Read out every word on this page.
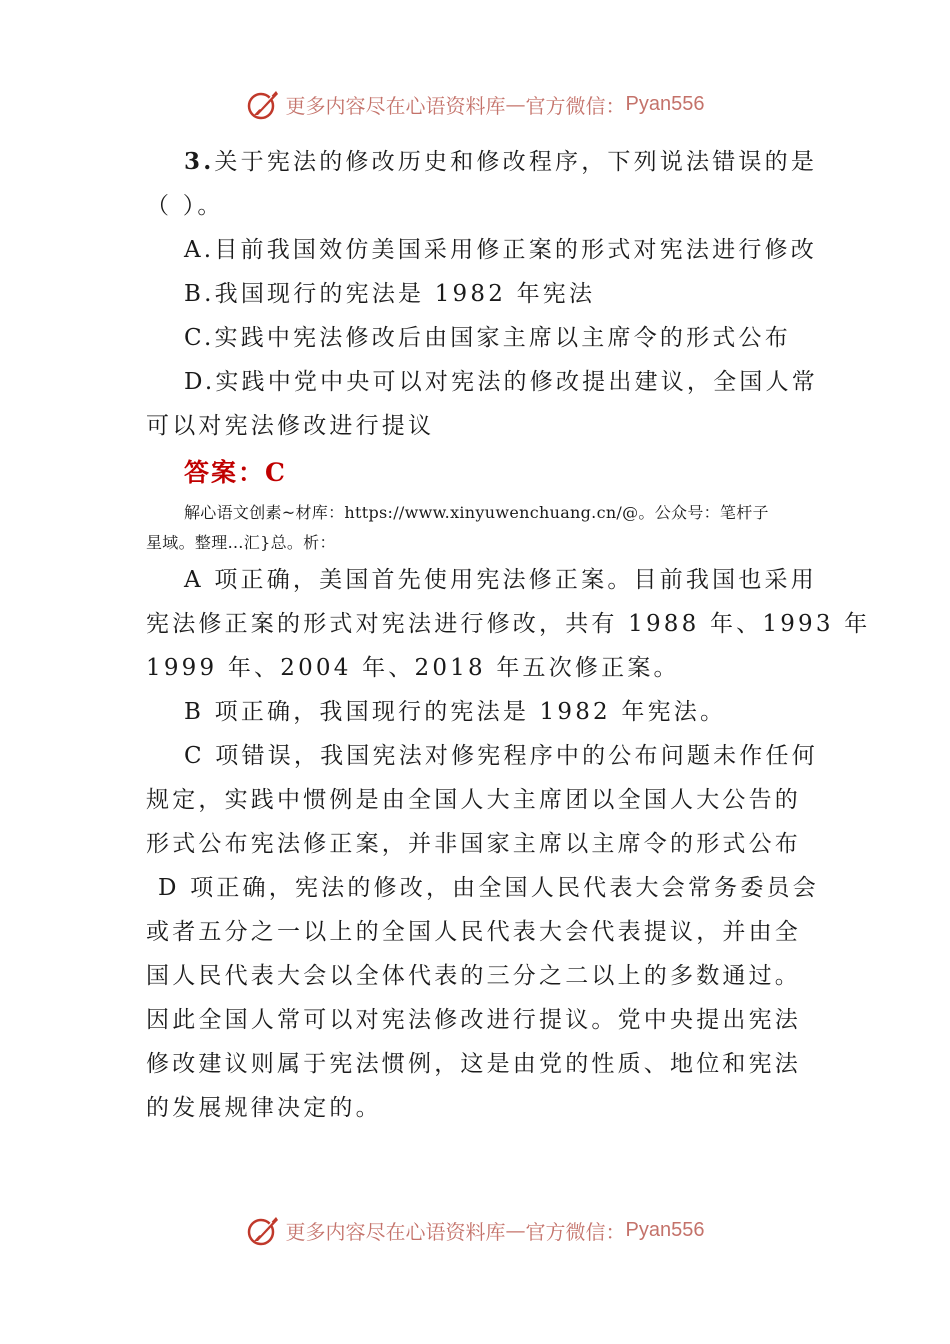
更多内容尽在心语资料库 — 官方微信： Pyan556
3.关于宪法的修改历史和修改程序，下列说法错误的是
（ ）。
A.目前我国效仿美国采用修正案的形式对宪法进行修改
B.我国现行的宪法是 1982 年宪法
C.实践中宪法修改后由国家主席以主席令的形式公布
D.实践中党中央可以对宪法的修改提出建议，全国人常
可以对宪法修改进行提议
答案：C
解心语文创素~材库：https://www.xinyuwenchuang.cn/@。公众号：笔杆子
星域。整理…汇}总。析：
A 项正确，美国首先使用宪法修正案。目前我国也采用
宪法修正案的形式对宪法进行修改，共有 1988 年、1993 年
1999 年、2004 年、2018 年五次修正案。
B 项正确，我国现行的宪法是 1982 年宪法。
C 项错误，我国宪法对修宪程序中的公布问题未作任何
规定，实践中惯例是由全国人大主席团以全国人大公告的
形式公布宪法修正案，并非国家主席以主席令的形式公布
D 项正确，宪法的修改，由全国人民代表大会常务委员会
或者五分之一以上的全国人民代表大会代表提议，并由全
国人民代表大会以全体代表的三分之二以上的多数通过。
因此全国人常可以对宪法修改进行提议。党中央提出宪法
修改建议则属于宪法惯例，这是由党的性质、地位和宪法
的发展规律决定的。
更多内容尽在心语资料库 — 官方微信： Pyan556
